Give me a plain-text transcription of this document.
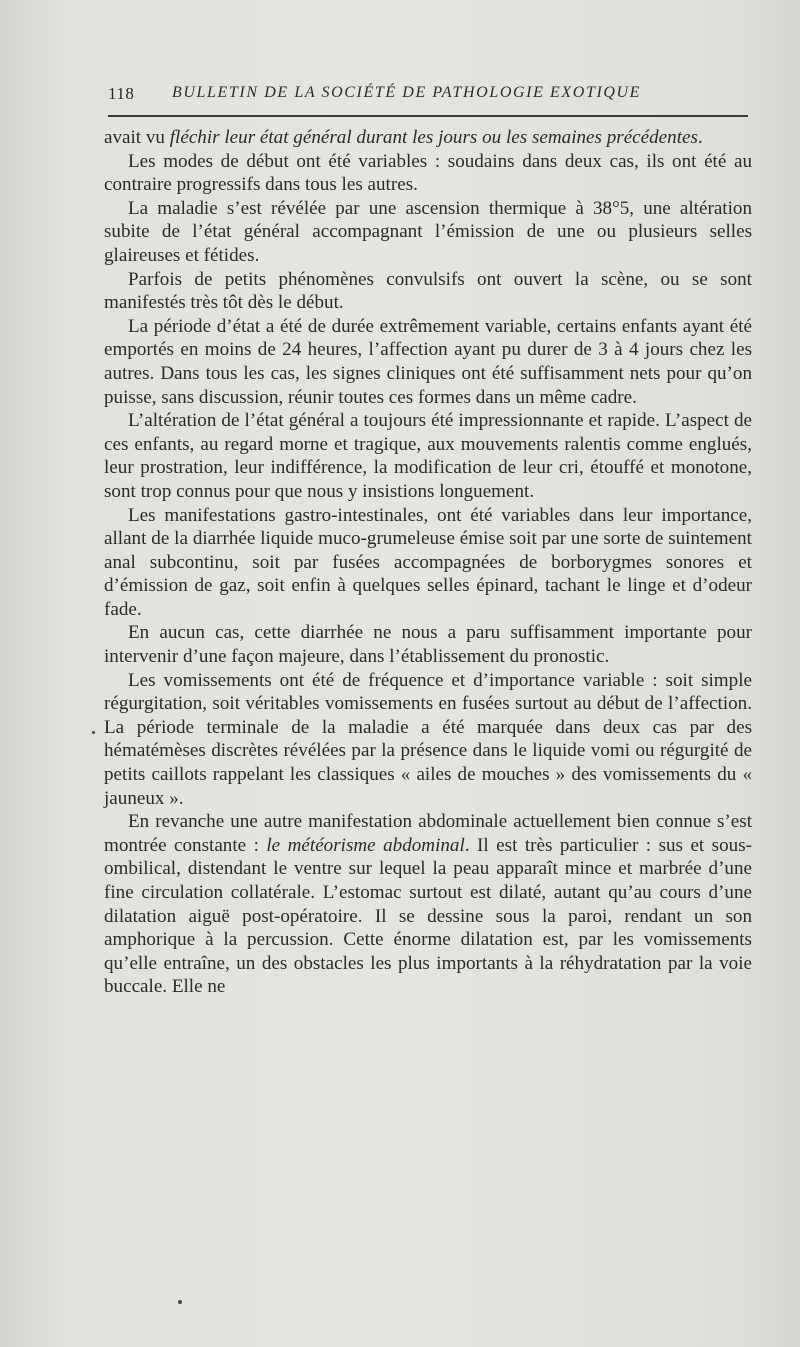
118 BULLETIN DE LA SOCIÉTÉ DE PATHOLOGIE EXOTIQUE

avait vu fléchir leur état général durant les jours ou les semaines précédentes.

Les modes de début ont été variables : soudains dans deux cas, ils ont été au contraire progressifs dans tous les autres.

La maladie s’est révélée par une ascension thermique à 38°5, une altération subite de l’état général accompagnant l’émission de une ou plusieurs selles glaireuses et fétides.

Parfois de petits phénomènes convulsifs ont ouvert la scène, ou se sont manifestés très tôt dès le début.

La période d’état a été de durée extrêmement variable, certains enfants ayant été emportés en moins de 24 heures, l’affection ayant pu durer de 3 à 4 jours chez les autres. Dans tous les cas, les signes cliniques ont été suffisamment nets pour qu’on puisse, sans discussion, réunir toutes ces formes dans un même cadre.

L’altération de l’état général a toujours été impressionnante et rapide. L’aspect de ces enfants, au regard morne et tragique, aux mouvements ralentis comme englués, leur prostration, leur indifférence, la modification de leur cri, étouffé et monotone, sont trop connus pour que nous y insistions longuement.

Les manifestations gastro-intestinales, ont été variables dans leur importance, allant de la diarrhée liquide muco-grumeleuse émise soit par une sorte de suintement anal subcontinu, soit par fusées accompagnées de borborygmes sonores et d’émission de gaz, soit enfin à quelques selles épinard, tachant le linge et d’odeur fade.

En aucun cas, cette diarrhée ne nous a paru suffisamment importante pour intervenir d’une façon majeure, dans l’établissement du pronostic.

Les vomissements ont été de fréquence et d’importance variable : soit simple régurgitation, soit véritables vomissements en fusées surtout au début de l’affection. La période terminale de la maladie a été marquée dans deux cas par des hématémèses discrètes révélées par la présence dans le liquide vomi ou régurgité de petits caillots rappelant les classiques « ailes de mouches » des vomissements du « jauneux ».

En revanche une autre manifestation abdominale actuellement bien connue s’est montrée constante : le météorisme abdominal. Il est très particulier : sus et sous-ombilical, distendant le ventre sur lequel la peau apparaît mince et marbrée d’une fine circulation collatérale. L’estomac surtout est dilaté, autant qu’au cours d’une dilatation aiguë post-opératoire. Il se dessine sous la paroi, rendant un son amphorique à la percussion. Cette énorme dilatation est, par les vomissements qu’elle entraîne, un des obstacles les plus importants à la réhydratation par la voie buccale. Elle ne
